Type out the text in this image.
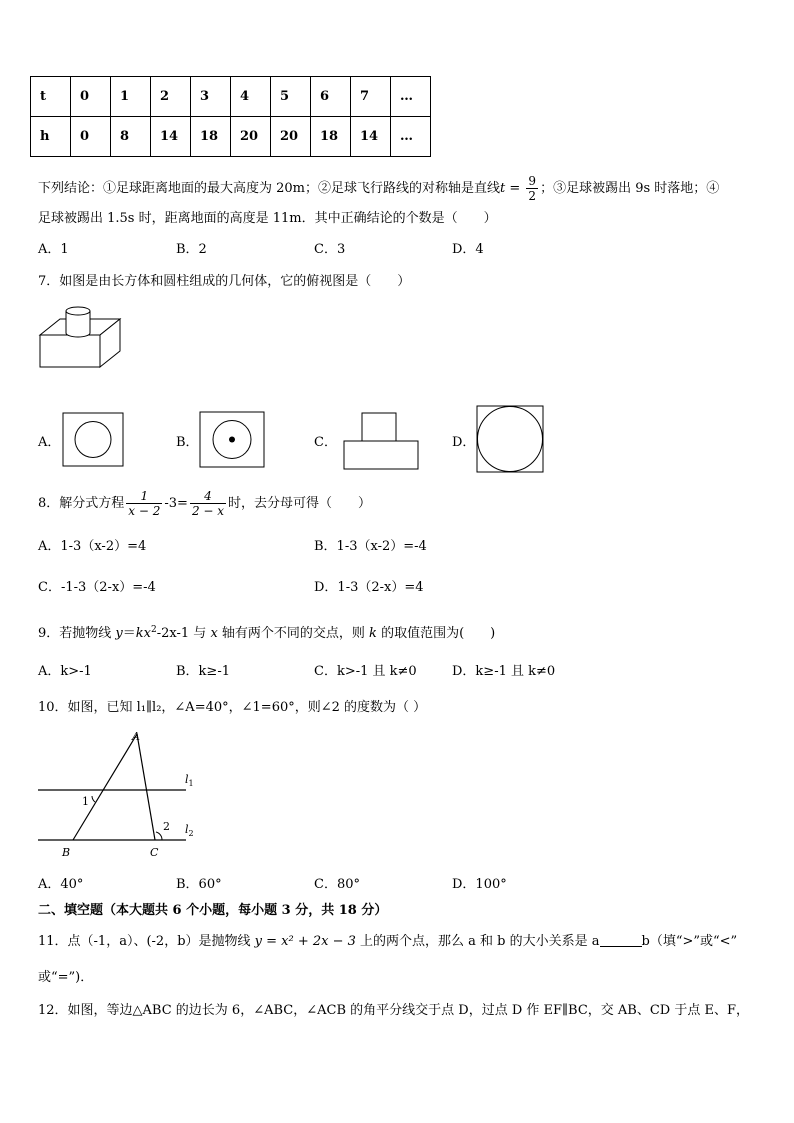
t	0	1	2	3	4	5	6	7	…
h	0	8	14	18	20	20	18	14	…
下列结论：①足球距离地面的最大高度为 20m；②足球飞行路线的对称轴是直线$t = \frac{9}{2}$ ；③足球被踢出 9s 时落地；④
足球被踢出 1.5s 时，距离地面的高度是 11m．其中正确结论的个数是（　　）
A．1	B．2	C．3	D．4
7．如图是由长方体和圆柱组成的几何体，它的俯视图是（　　）
A．	B．	C．	D．
8．解分式方程 $\frac{1}{x - 2} -3= \frac{4}{2 - x}$ 时，去分母可得（　　）
A．1-3（x-2）=4	B．1-3（x-2）=-4
C．-1-3（2-x）=-4	D．1-3（2-x）=4
9．若抛物线 $y=kx^2-2x-1$ 与 x 轴有两个不同的交点，则 k 的取值范围为(　　)
A．k>-1	B．k≥-1	C．k>-1 且 k≠0	D．k≥-1 且 k≠0
10．如图，已知 l₁∥l₂，∠A=40°，∠1=60°，则∠2 的度数为（ ）
A
B	C
1
2
$l_1$
$l_2$
A．40°	B．60°	C．80°	D．100°
二、填空题（本大题共 6 个小题，每小题 3 分，共 18 分）
11．点（-1，a）、(-2，b）是抛物线 y = x² + 2x − 3 上的两个点，那么 a 和 b 的大小关系是 a	b（填“>”或“<”
或“=”)．
12．如图，等边△ABC 的边长为 6，∠ABC，∠ACB 的角平分线交于点 D，过点 D 作 EF∥BC，交 AB、CD 于点 E、F，
